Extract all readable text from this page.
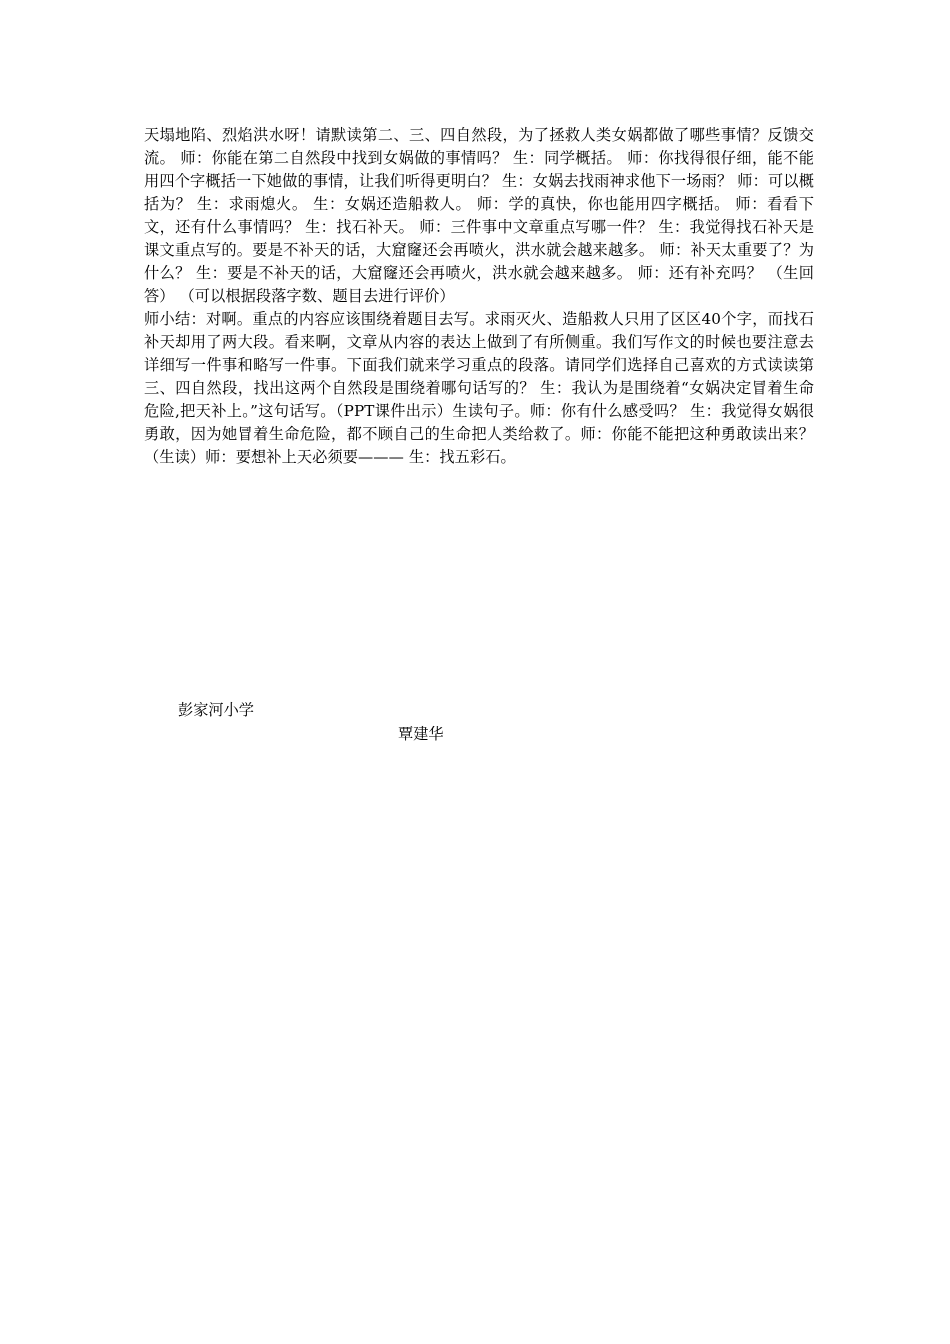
天塌地陷、烈焰洪水呀！请默读第二、三、四自然段，为了拯救人类女娲都做了哪些事情？反馈交流。 师：你能在第二自然段中找到女娲做的事情吗？ 生：同学概括。 师：你找得很仔细，能不能用四个字概括一下她做的事情，让我们听得更明白？ 生：女娲去找雨神求他下一场雨？ 师：可以概括为？ 生：求雨熄火。 生：女娲还造船救人。 师：学的真快，你也能用四字概括。 师：看看下文，还有什么事情吗？ 生：找石补天。 师：三件事中文章重点写哪一件？ 生：我觉得找石补天是课文重点写的。要是不补天的话，大窟窿还会再喷火，洪水就会越来越多。 师：补天太重要了？为什么？ 生：要是不补天的话，大窟窿还会再喷火，洪水就会越来越多。 师：还有补充吗？ （生回答） （可以根据段落字数、题目去进行评价）

师小结：对啊。重点的内容应该围绕着题目去写。求雨灭火、造船救人只用了区区40个字，而找石补天却用了两大段。看来啊，文章从内容的表达上做到了有所侧重。我们写作文的时候也要注意去详细写一件事和略写一件事。下面我们就来学习重点的段落。请同学们选择自己喜欢的方式读读第三、四自然段，找出这两个自然段是围绕着哪句话写的？ 生：我认为是围绕着“女娲决定冒着生命危险,把天补上。”这句话写。（PPT课件出示）生读句子。师：你有什么感受吗？ 生：我觉得女娲很勇敢，因为她冒着生命危险，都不顾自己的生命把人类给救了。师：你能不能把这种勇敢读出来？（生读）师：要想补上天必须要——— 生：找五彩石。

彭家河小学
覃建华
